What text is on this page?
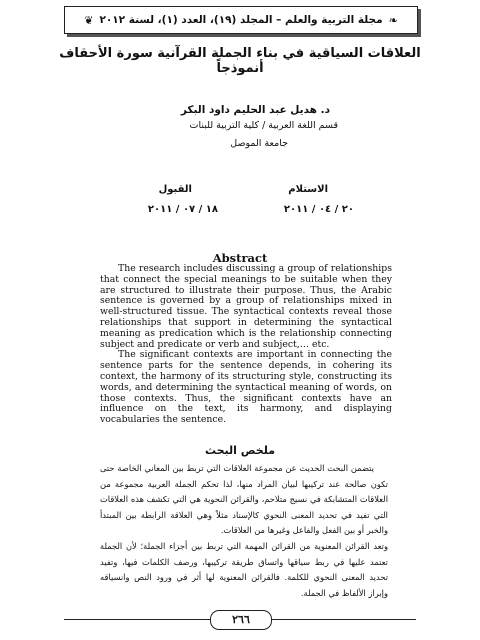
❧
مجلة التربية والعلم – المجلد (١٩)، العدد (١)، لسنة ٢٠١٢
❦
العلاقات السياقية في بناء الجملة القرآنية سورة الأحقاف أنموذجاً
د. هديل عبد الحليم داود البكر
قسم اللغة العربية / كلية التربية للبنات
جامعة الموصل
الاستلام
٢٠ / ٠٤ / ٢٠١١
القبول
١٨ / ٠٧ / ٢٠١١
Abstract

The research includes discussing a group of relationships that connect the special meanings to be suitable when they are structured to illustrate their purpose. Thus, the Arabic sentence is governed by a group of relationships mixed in well-structured tissue. The syntactical contexts reveal those relationships that support in determining the syntactical meaning as predication which is the relationship connecting subject and predicate or verb and subject,… etc.

The significant contexts are important in connecting the sentence parts for the sentence depends, in cohering its context, the harmony of its structuring style, constructing its words, and determining the syntactical meaning of words, on those contexts. Thus, the significant contexts have an influence on the text, its harmony, and displaying vocabularies the sentence.

ملخص البحث

يتضمن البحث الحديث عن مجموعة العلاقات التي تربط بين المعاني الخاصة حتى تكون صالحة عند تركيبها لبيان المراد منها، لذا تحكم الجملة العربية مجموعة من العلاقات المتشابكة في نسيج متلاحم، والقرائن النحوية هي التي تكشف هذه العلاقات التي تفيد في تحديد المعنى النحوي كالإسناد مثلاً وهي العلاقة الرابطة بين المبتدأ والخبر أو بين الفعل والفاعل وغيرها من العلاقات.

وتعد القرائن المعنوية من القرائن المهمة التي تربط بين أجزاء الجملة؛ لأن الجملة تعتمد عليها في ربط سياقها واتساق طريقة تركيبها، ورصف الكلمات فيها، وتفيد تحديد المعنى النحوي للكلمة. فالقرائن المعنوية لها أثر في ورود النص وانسياقه وإبراز الألفاظ في الجملة.

٢٦٦
